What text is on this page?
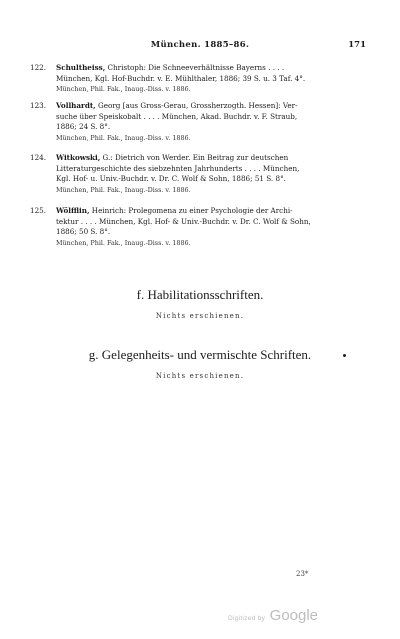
München. 1885–86.	171
122. Schultheiss, Christoph: Die Schneeverhältnisse Bayerns . . . .
München, Kgl. Hof-Buchdr. v. E. Mühlthaler, 1886; 39 S. u. 3 Taf. 4°.
München, Phil. Fak., Inaug.-Diss. v. 1886.
123. Vollhardt, Georg [aus Gross-Gerau, Grossherzogth. Hessen]: Ver-
suche über Speiskobalt . . . . München, Akad. Buchdr. v. F. Straub,
1886; 24 S. 8°.
München, Phil. Fak., Inaug.-Diss. v. 1886.
124. Witkowski, G.: Dietrich von Werder. Ein Beitrag zur deutschen
Litteraturgeschichte des siebzehnten Jahrhunderts . . . . München,
Kgl. Hof- u. Univ.-Buchdr. v. Dr. C. Wolf & Sohn, 1886; 51 S. 8°.
München, Phil. Fak., Inaug.-Diss. v. 1886.
125. Wölfflin, Heinrich: Prolegomena zu einer Psychologie der Archi-
tektur . . . . München, Kgl. Hof- & Univ.-Buchdr. v. Dr. C. Wolf & Sohn,
1886; 50 S. 8°.
München, Phil. Fak., Inaug.-Diss. v. 1886.
f. Habilitationsschriften.
Nichts erschienen.
g. Gelegenheits- und vermischte Schriften.
Nichts erschienen.
23*
Digitized by Google
